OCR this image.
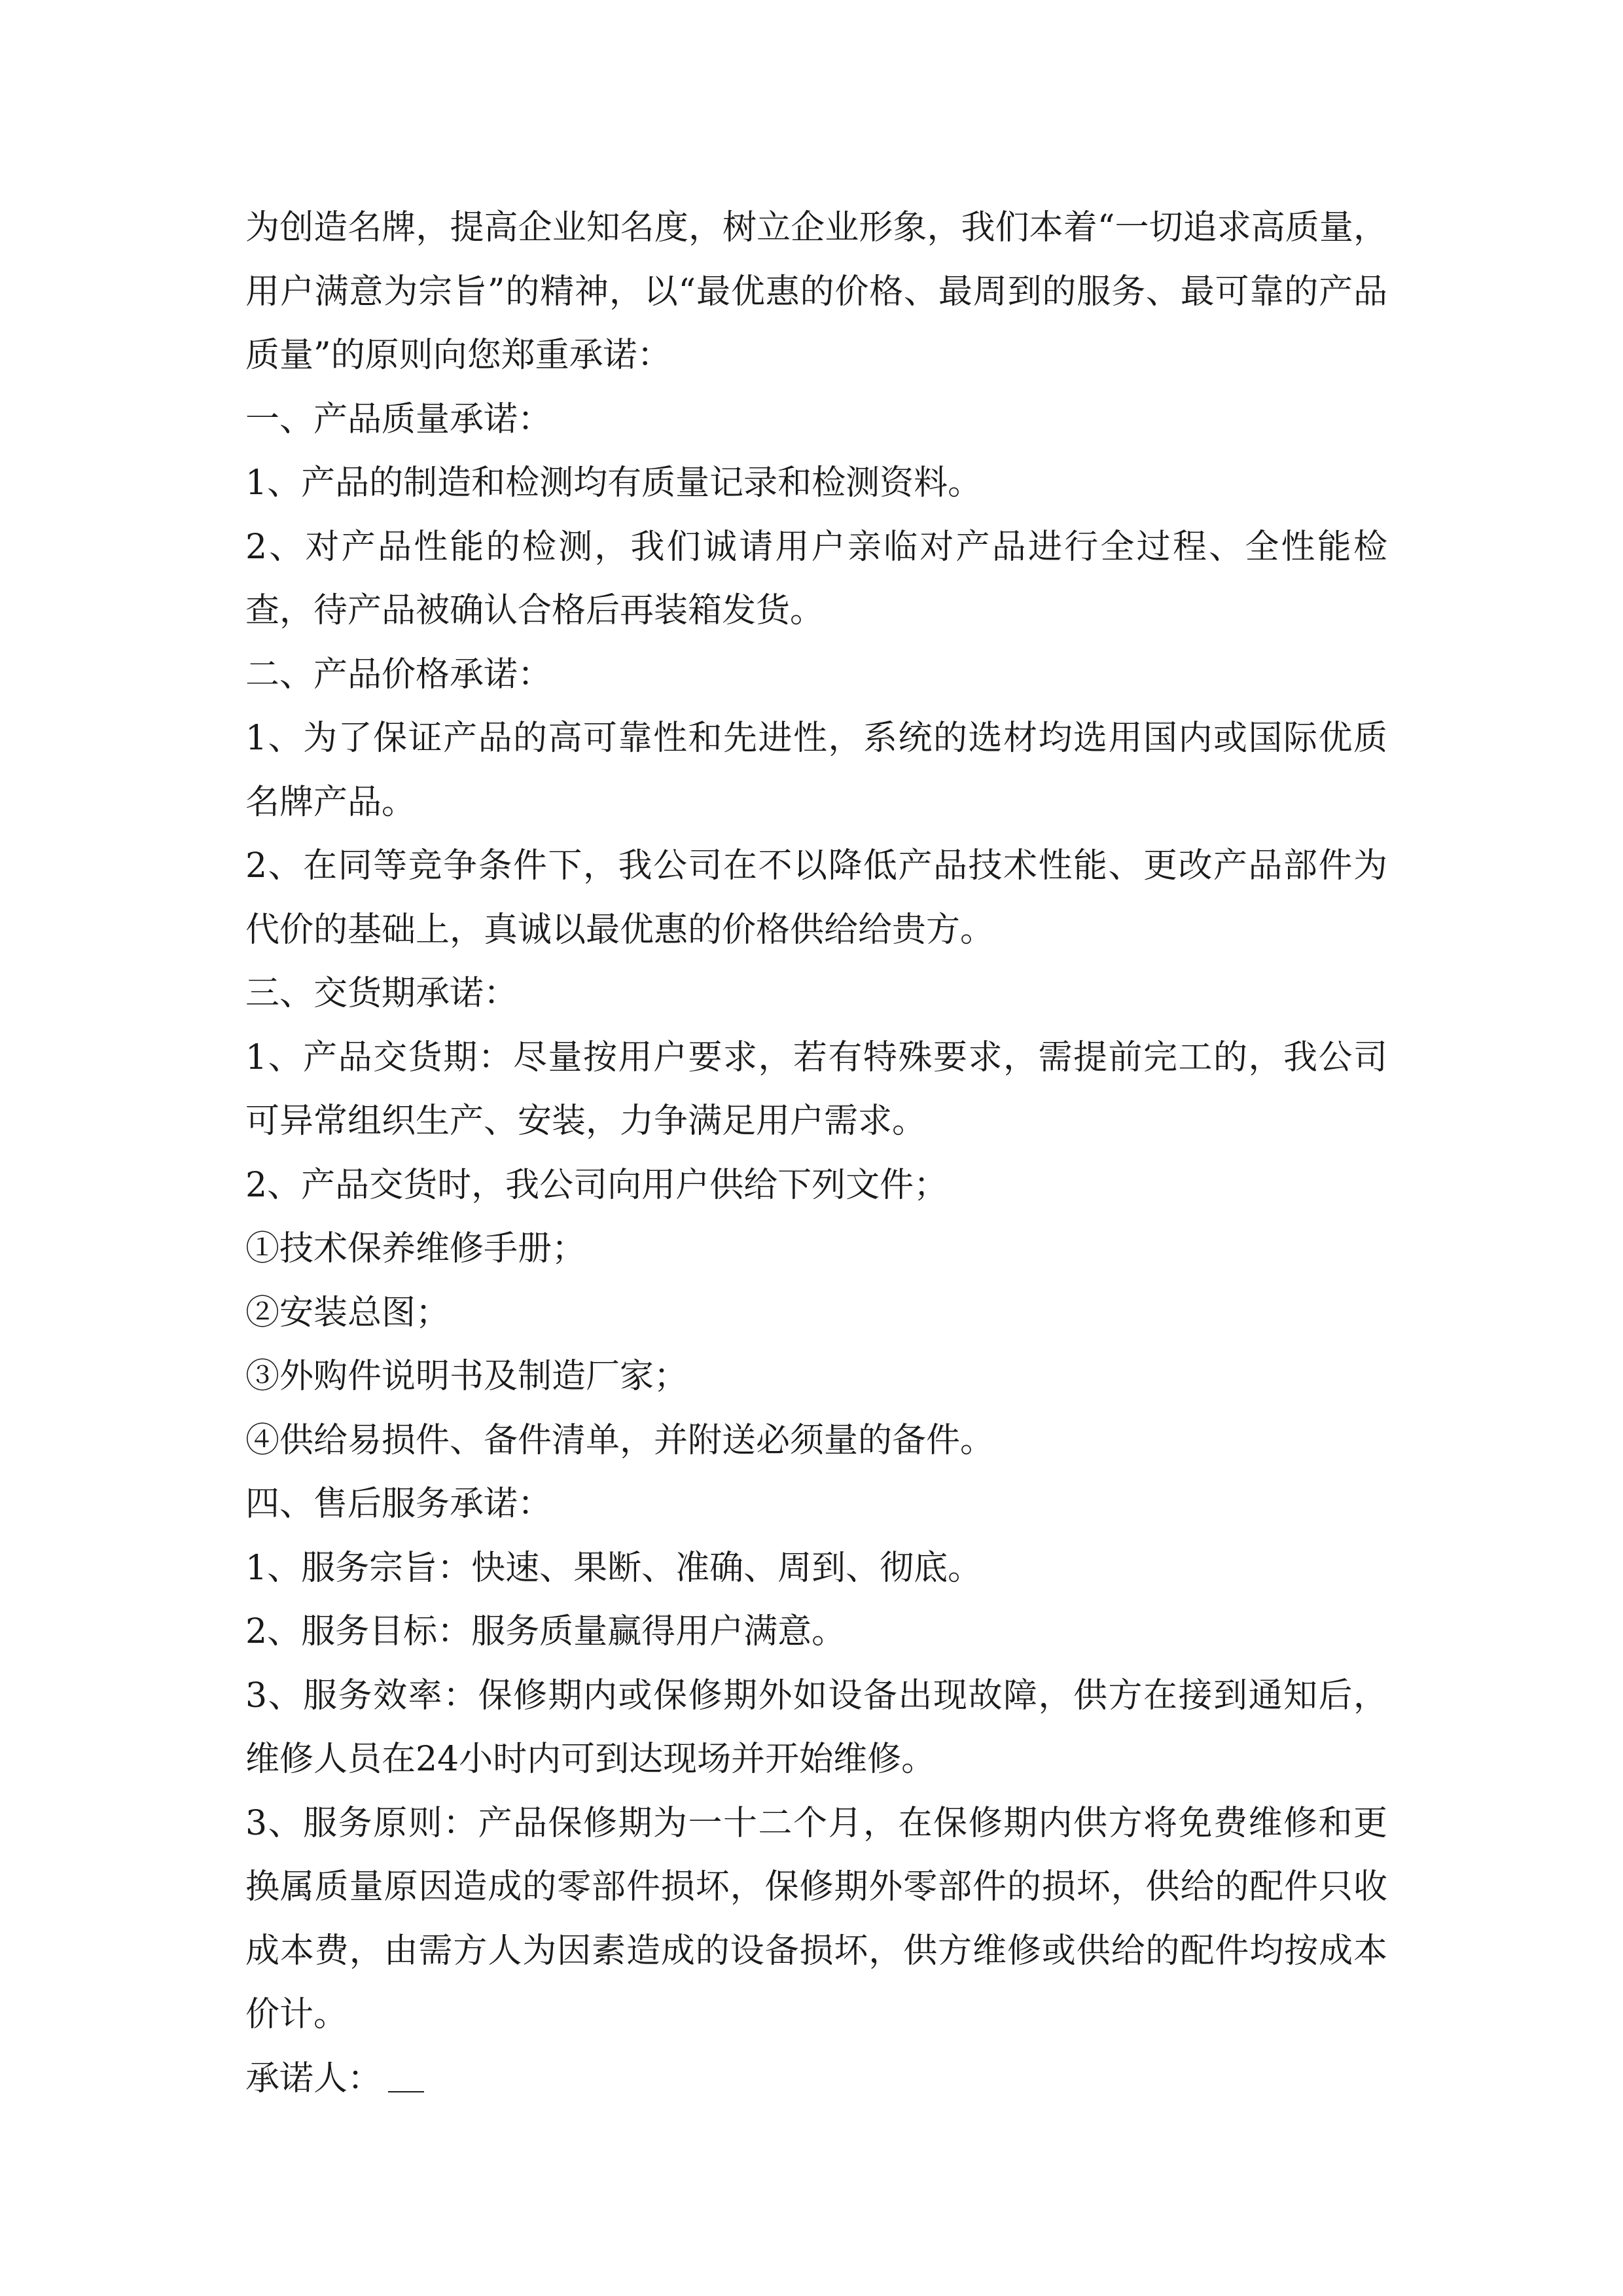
为创造名牌，提高企业知名度，树立企业形象，我们本着“一切追求高质量，用户满意为宗旨”的精神，以“最优惠的价格、最周到的服务、最可靠的产品质量”的原则向您郑重承诺：

一、产品质量承诺：

1、产品的制造和检测均有质量记录和检测资料。

2、对产品性能的检测，我们诚请用户亲临对产品进行全过程、全性能检查，待产品被确认合格后再装箱发货。

二、产品价格承诺：

1、为了保证产品的高可靠性和先进性，系统的选材均选用国内或国际优质名牌产品。

2、在同等竞争条件下，我公司在不以降低产品技术性能、更改产品部件为代价的基础上，真诚以最优惠的价格供给给贵方。

三、交货期承诺：

1、产品交货期：尽量按用户要求，若有特殊要求，需提前完工的，我公司可异常组织生产、安装，力争满足用户需求。

2、产品交货时，我公司向用户供给下列文件；

①技术保养维修手册；

②安装总图；

③外购件说明书及制造厂家；

④供给易损件、备件清单，并附送必须量的备件。

四、售后服务承诺：

1、服务宗旨：快速、果断、准确、周到、彻底。

2、服务目标：服务质量赢得用户满意。

3、服务效率：保修期内或保修期外如设备出现故障，供方在接到通知后，维修人员在24小时内可到达现场并开始维修。

3、服务原则：产品保修期为一十二个月，在保修期内供方将免费维修和更换属质量原因造成的零部件损坏，保修期外零部件的损坏，供给的配件只收成本费，由需方人为因素造成的设备损坏，供方维修或供给的配件均按成本价计。

承诺人：
